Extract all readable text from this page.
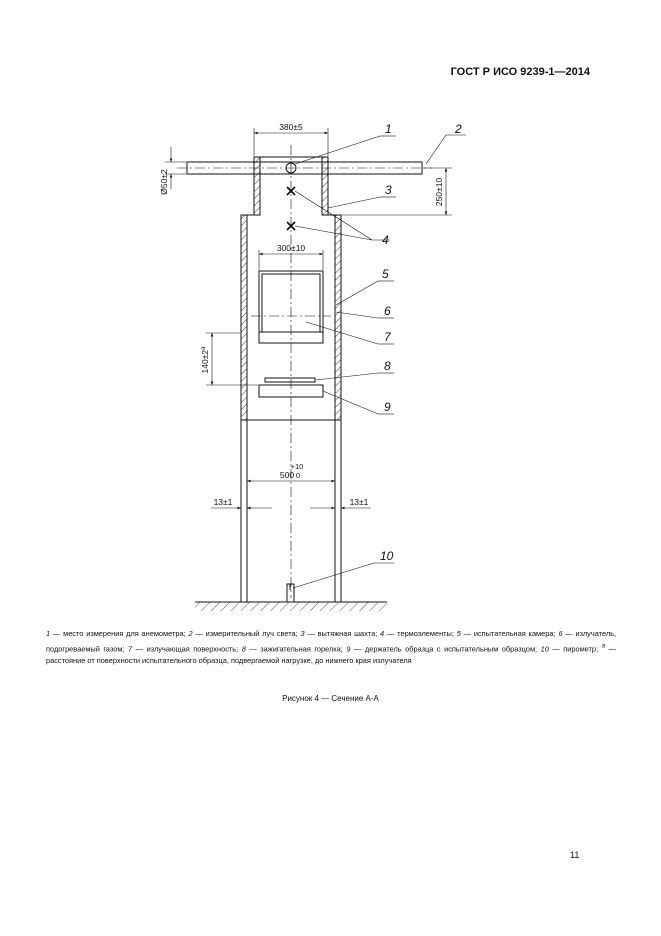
ГОСТ Р ИСО 9239-1—2014
380±5
Ø50±2	250±10
300±10
$140\pm 2^a$
500
+10
0
13±1	13±1
1	2
3
4
5
6
7
8
9
10
1 — место измерения для анемометра; 2 — измерительный луч света; 3 — вытяжная шахта; 4 — термоэлементы; 5 — испытательная камера; 6 — излучатель, подогреваемый газом; 7 — излучающая поверхность; 8 — зажигательная горелка; 9 — держатель образца с испытательным образцом; 10 — пирометр; $^a$ — расстояние от поверхности испытательного образца, подвергаемой нагрузке, до нижнего края излучателя
Рисунок 4 — Сечение А-А
11
